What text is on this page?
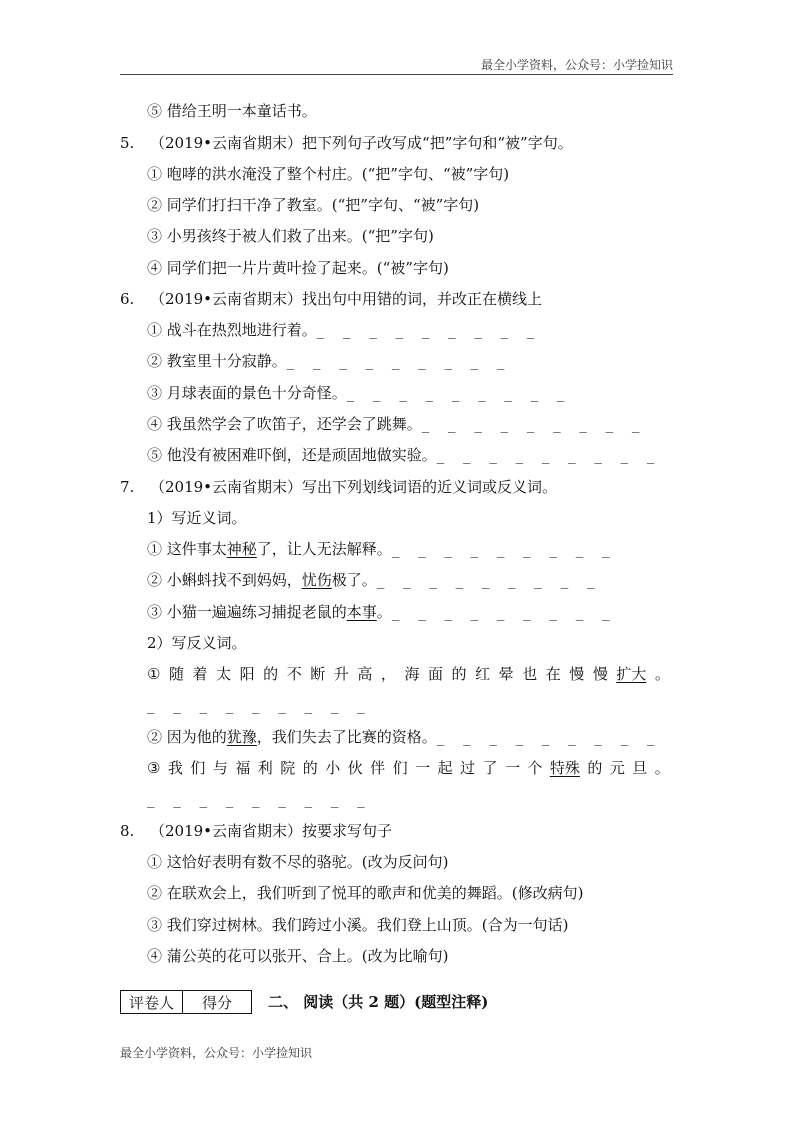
最全小学资料，公众号：小学捡知识
⑤ 借给王明一本童话书。
5. （2019•云南省期末）把下列句子改写成“把”字句和“被”字句。
① 咆哮的洪水淹没了整个村庄。(“把”字句、“被”字句)
② 同学们打扫干净了教室。(“把”字句、“被”字句)
③ 小男孩终于被人们救了出来。(“把”字句)
④ 同学们把一片片黄叶捡了起来。(“被”字句)
6. （2019•云南省期末）找出句中用错的词，并改正在横线上
① 战斗在热烈地进行着。_ _ _ _ _ _ _ _ _
② 教室里十分寂静。_ _ _ _ _ _ _ _ _
③ 月球表面的景色十分奇怪。_ _ _ _ _ _ _ _ _
④ 我虽然学会了吹笛子，还学会了跳舞。_ _ _ _ _ _ _ _ _
⑤ 他没有被困难吓倒，还是顽固地做实验。_ _ _ _ _ _ _ _ _
7. （2019•云南省期末）写出下列划线词语的近义词或反义词。
1）写近义词。
① 这件事太神秘了，让人无法解释。_ _ _ _ _ _ _ _ _
② 小蝌蚪找不到妈妈，忧伤极了。_ _ _ _ _ _ _ _ _
③ 小猫一遍遍练习捕捉老鼠的本事。_ _ _ _ _ _ _ _ _
2）写反义词。
① 随 着 太 阳 的 不 断 升 高 ， 海 面 的 红 晕 也 在 慢 慢 扩大 。
_ _ _ _ _ _ _ _ _
② 因为他的犹豫，我们失去了比赛的资格。_ _ _ _ _ _ _ _ _
③ 我 们 与 福 利 院 的 小 伙 伴 们 一 起 过 了 一 个 特殊 的 元 旦 。
_ _ _ _ _ _ _ _ _
8. （2019•云南省期末）按要求写句子
① 这恰好表明有数不尽的骆驼。(改为反问句)
② 在联欢会上，我们听到了悦耳的歌声和优美的舞蹈。(修改病句)
③ 我们穿过树林。我们跨过小溪。我们登上山顶。(合为一句话)
④ 蒲公英的花可以张开、合上。(改为比喻句)
评卷人	得分 二、 阅读（共 2 题）(题型注释)
最全小学资料，公众号：小学捡知识
